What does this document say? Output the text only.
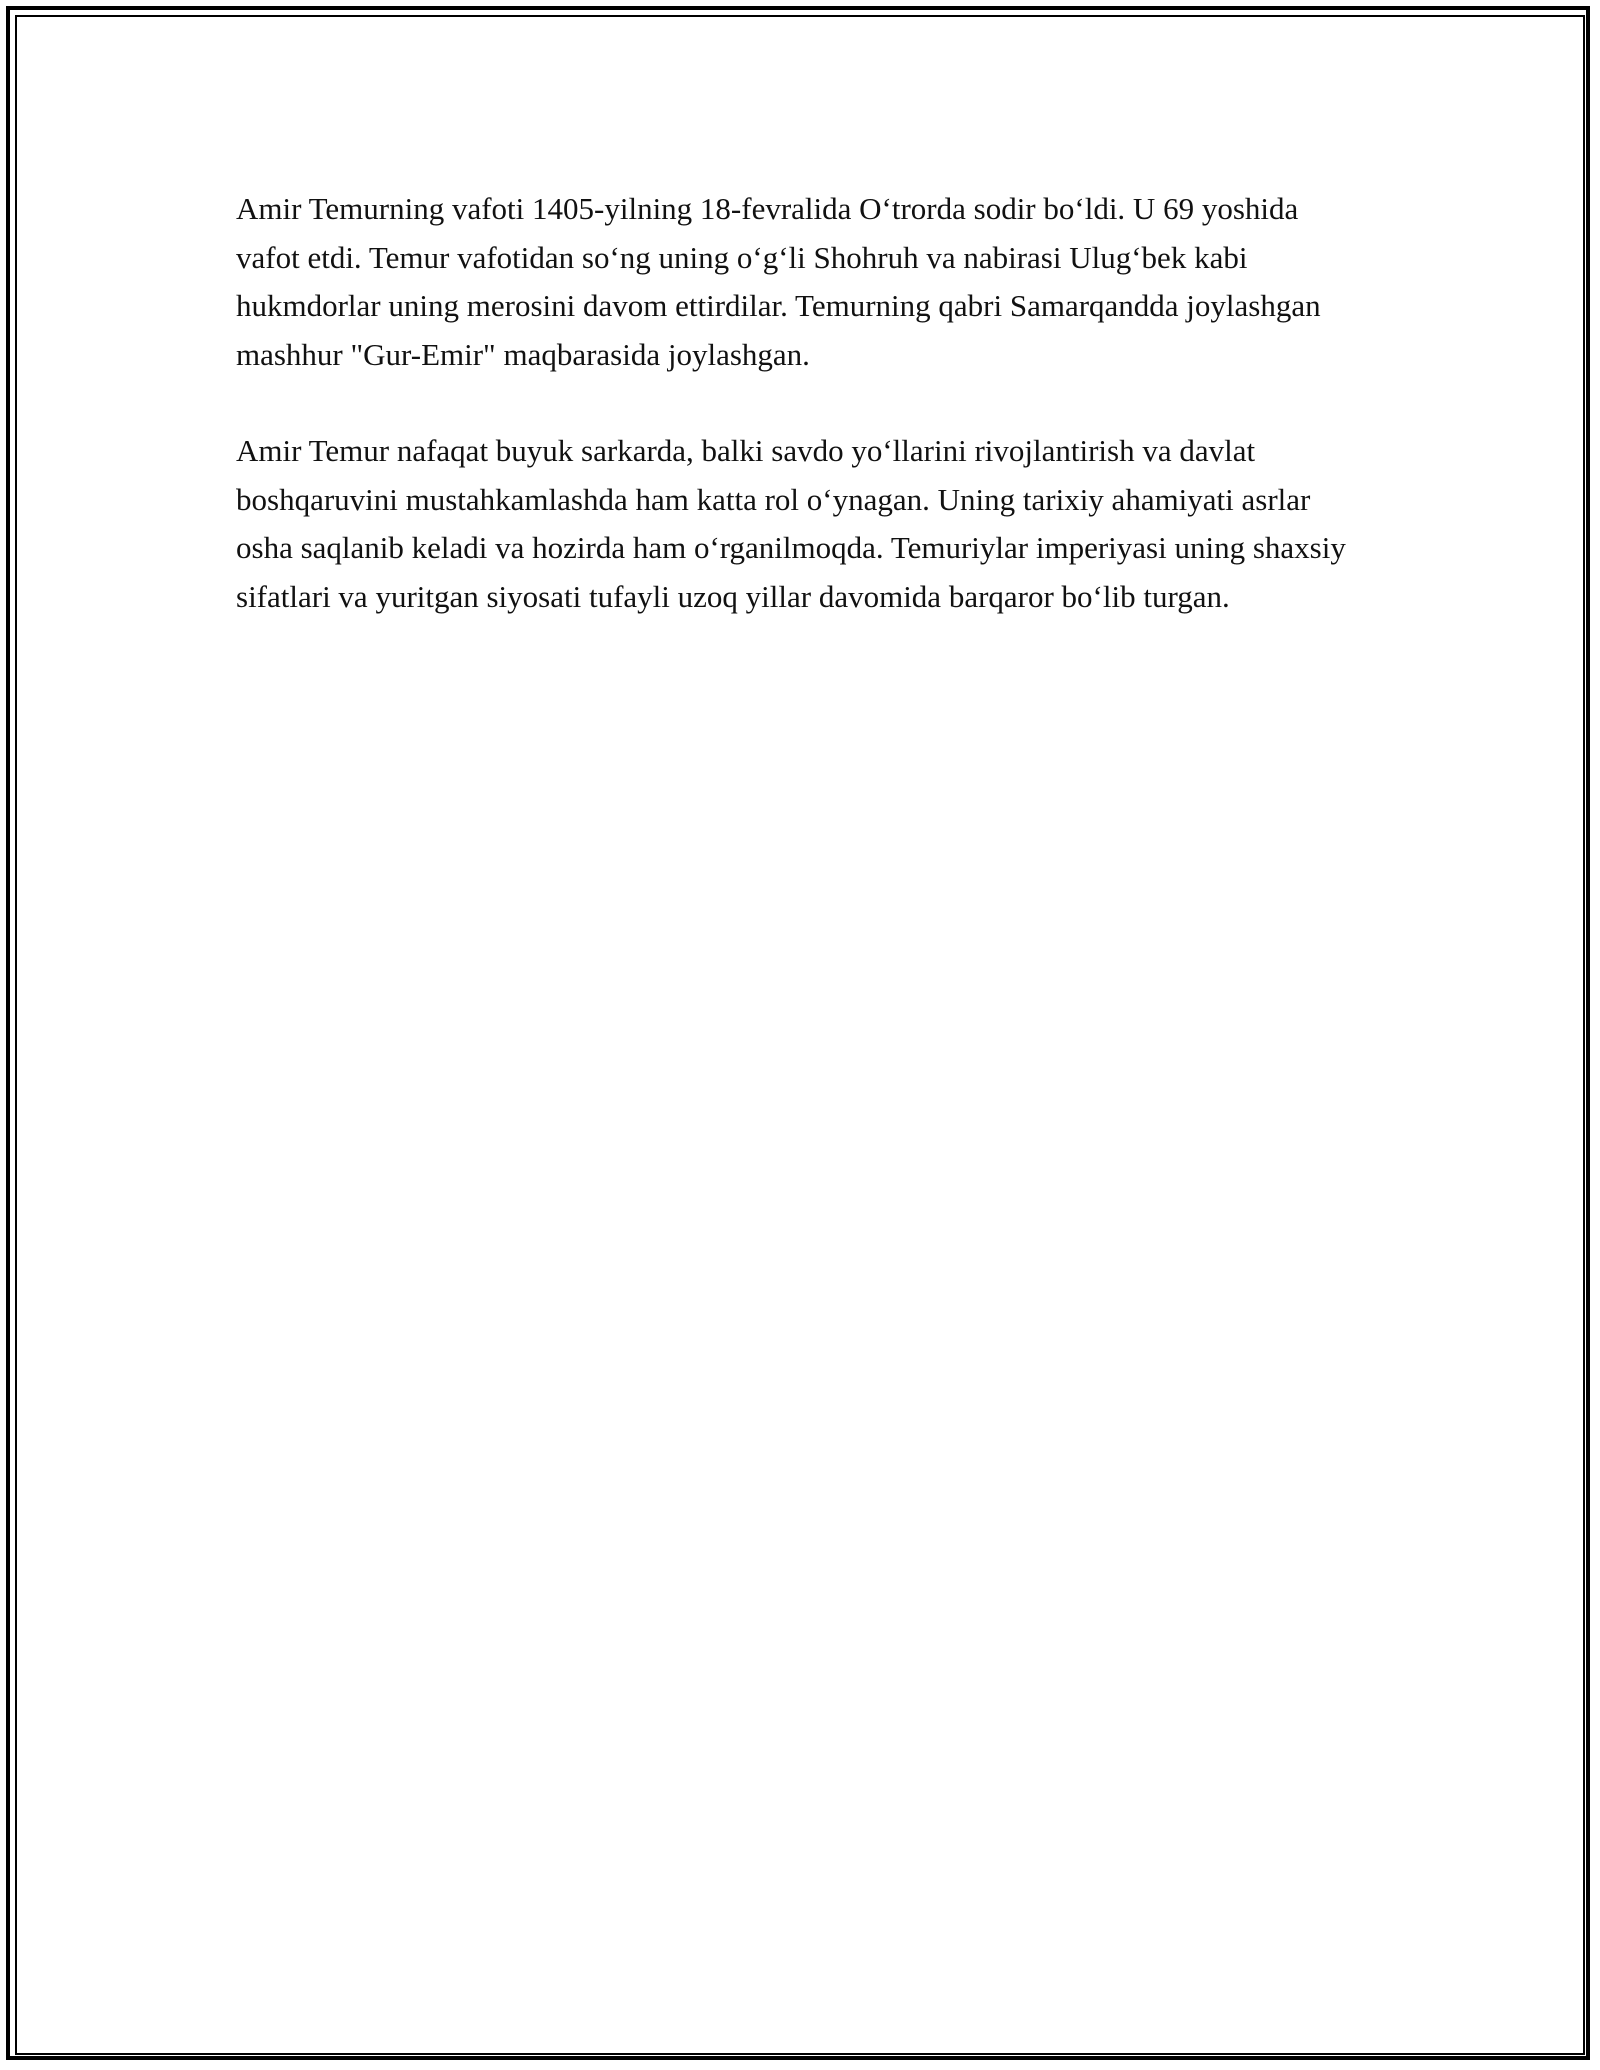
Amir Temurning vafoti 1405-yilning 18-fevralida O‘trorda sodir bo‘ldi. U 69 yoshida vafot etdi. Temur vafotidan so‘ng uning o‘g‘li Shohruh va nabirasi Ulug‘bek kabi hukmdorlar uning merosini davom ettirdilar. Temurning qabri Samarqandda joylashgan mashhur "Gur-Emir" maqbarasida joylashgan.

Amir Temur nafaqat buyuk sarkarda, balki savdo yo‘llarini rivojlantirish va davlat boshqaruvini mustahkamlashda ham katta rol o‘ynagan. Uning tarixiy ahamiyati asrlar osha saqlanib keladi va hozirda ham o‘rganilmoqda. Temuriylar imperiyasi uning shaxsiy sifatlari va yuritgan siyosati tufayli uzoq yillar davomida barqaror bo‘lib turgan.
